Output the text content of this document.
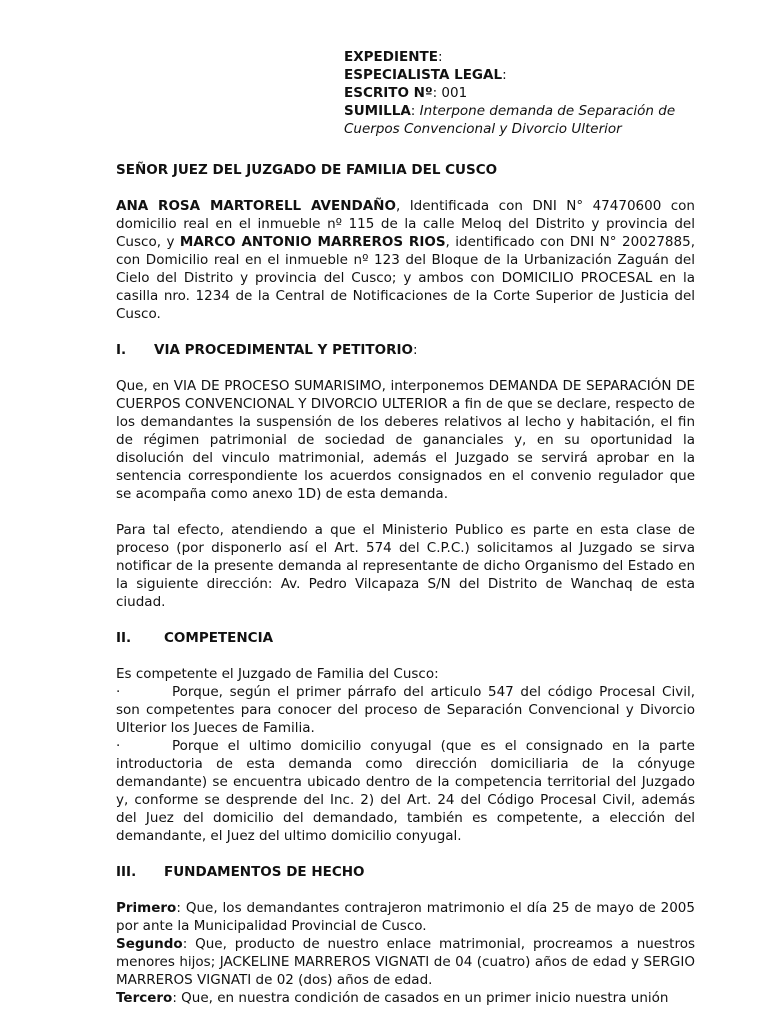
EXPEDIENTE:
ESPECIALISTA LEGAL:
ESCRITO Nº: 001
SUMILLA: Interpone demanda de Separación de
Cuerpos Convencional y Divorcio Ulterior
SEÑOR JUEZ DEL JUZGADO DE FAMILIA DEL CUSCO

ANA ROSA MARTORELL AVENDAÑO, Identificada con DNI N° 47470600 con domicilio real en el inmueble nº 115 de la calle Meloq del Distrito y provincia del Cusco, y MARCO ANTONIO MARREROS RIOS, identificado con DNI N° 20027885, con Domicilio real en el inmueble nº 123 del Bloque de la Urbanización Zaguán del Cielo del Distrito y provincia del Cusco; y ambos con DOMICILIO PROCESAL en la casilla nro. 1234 de la Central de Notificaciones de la Corte Superior de Justicia del Cusco.

I. VIA PROCEDIMENTAL Y PETITORIO:

Que, en VIA DE PROCESO SUMARISIMO, interponemos DEMANDA DE SEPARACIÓN DE CUERPOS CONVENCIONAL Y DIVORCIO ULTERIOR a fin de que se declare, respecto de los demandantes la suspensión de los deberes relativos al lecho y habitación, el fin de régimen patrimonial de sociedad de gananciales y, en su oportunidad la disolución del vinculo matrimonial, además el Juzgado se servirá aprobar en la sentencia correspondiente los acuerdos consignados en el convenio regulador que se acompaña como anexo 1D) de esta demanda.

Para tal efecto, atendiendo a que el Ministerio Publico es parte en esta clase de proceso (por disponerlo así el Art. 574 del C.P.C.) solicitamos al Juzgado se sirva notificar de la presente demanda al representante de dicho Organismo del Estado en la siguiente dirección: Av. Pedro Vilcapaza S/N del Distrito de Wanchaq de esta ciudad.

II. COMPETENCIA

Es competente el Juzgado de Familia del Cusco:

·	Porque, según el primer párrafo del articulo 547 del código Procesal Civil, son competentes para conocer del proceso de Separación Convencional y Divorcio Ulterior los Jueces de Familia.

·	Porque el ultimo domicilio conyugal (que es el consignado en la parte introductoria de esta demanda como dirección domiciliaria de la cónyuge demandante) se encuentra ubicado dentro de la competencia territorial del Juzgado y, conforme se desprende del Inc. 2) del Art. 24 del Código Procesal Civil, además del Juez del domicilio del demandado, también es competente, a elección del demandante, el Juez del ultimo domicilio conyugal.

III. FUNDAMENTOS DE HECHO

Primero: Que, los demandantes contrajeron matrimonio el día 25 de mayo de 2005 por ante la Municipalidad Provincial de Cusco.

Segundo: Que, producto de nuestro enlace matrimonial, procreamos a nuestros menores hijos; JACKELINE MARREROS VIGNATI de 04 (cuatro) años de edad y SERGIO MARREROS VIGNATI de 02 (dos) años de edad.

Tercero: Que, en nuestra condición de casados en un primer inicio nuestra unión
